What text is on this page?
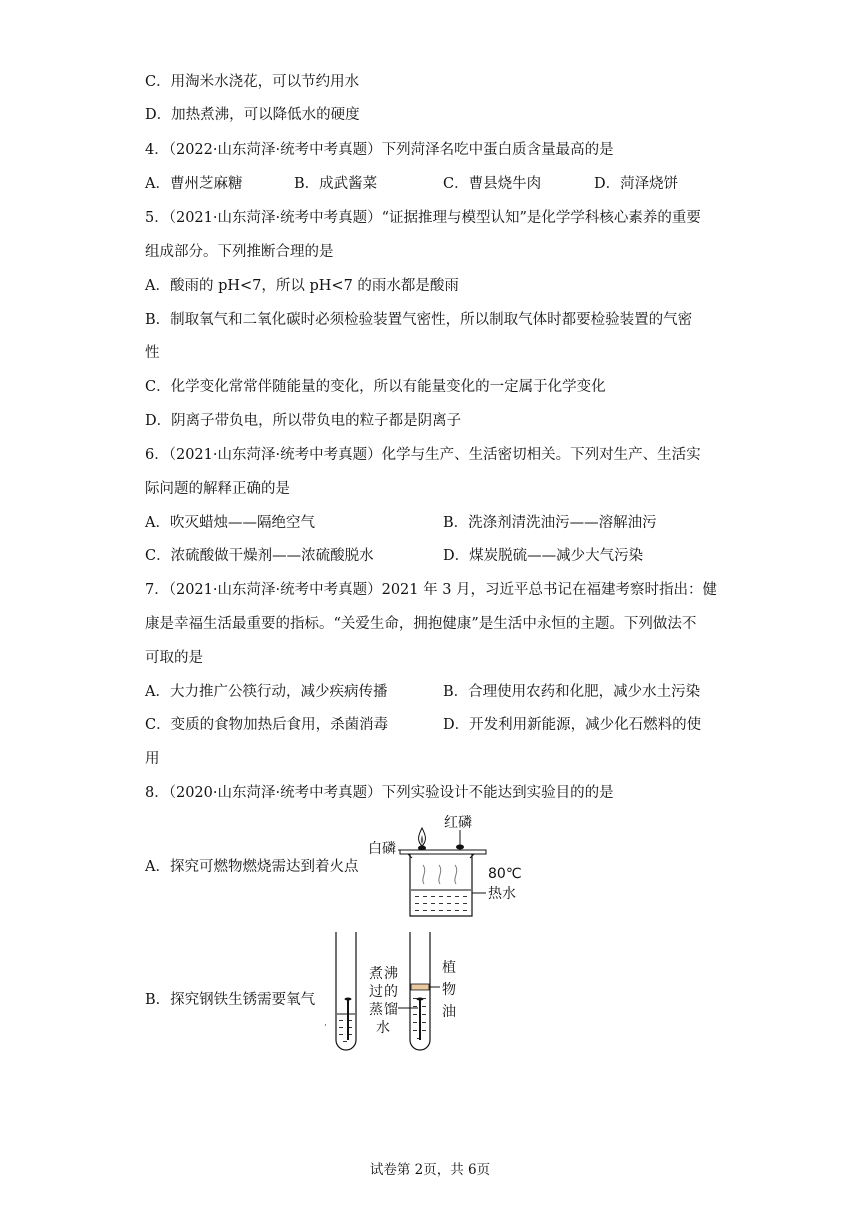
C．用淘米水浇花，可以节约用水
D．加热煮沸，可以降低水的硬度
4．（2022·山东菏泽·统考中考真题）下列菏泽名吃中蛋白质含量最高的是
A．曹州芝麻糖	B．成武酱菜	C．曹县烧牛肉	D．菏泽烧饼
5．（2021·山东菏泽·统考中考真题）“证据推理与模型认知”是化学学科核心素养的重要
组成部分。下列推断合理的是
A．酸雨的 pH<7，所以 pH<7 的雨水都是酸雨
B．制取氧气和二氧化碳时必须检验装置气密性，所以制取气体时都要检验装置的气密
性
C．化学变化常常伴随能量的变化，所以有能量变化的一定属于化学变化
D．阴离子带负电，所以带负电的粒子都是阴离子
6．（2021·山东菏泽·统考中考真题）化学与生产、生活密切相关。下列对生产、生活实
际问题的解释正确的是
A．吹灭蜡烛——隔绝空气	B．洗涤剂清洗油污——溶解油污
C．浓硫酸做干燥剂——浓硫酸脱水	D．煤炭脱硫——减少大气污染
7．（2021·山东菏泽·统考中考真题）2021 年 3 月，习近平总书记在福建考察时指出：健
康是幸福生活最重要的指标。“关爱生命，拥抱健康”是生活中永恒的主题。下列做法不
可取的是
A．大力推广公筷行动，减少疾病传播	B．合理使用农药和化肥，减少水土污染
C．变质的食物加热后食用，杀菌消毒	D．开发利用新能源，减少化石燃料的使
用
8．（2020·山东菏泽·统考中考真题）下列实验设计不能达到实验目的的是
A．探究可燃物燃烧需达到着火点
B．探究钢铁生锈需要氧气
红磷
白磷
80℃
热水
·
煮 沸
过 的
蒸 馏
水
植
物
油
试卷第 2页，共 6页
